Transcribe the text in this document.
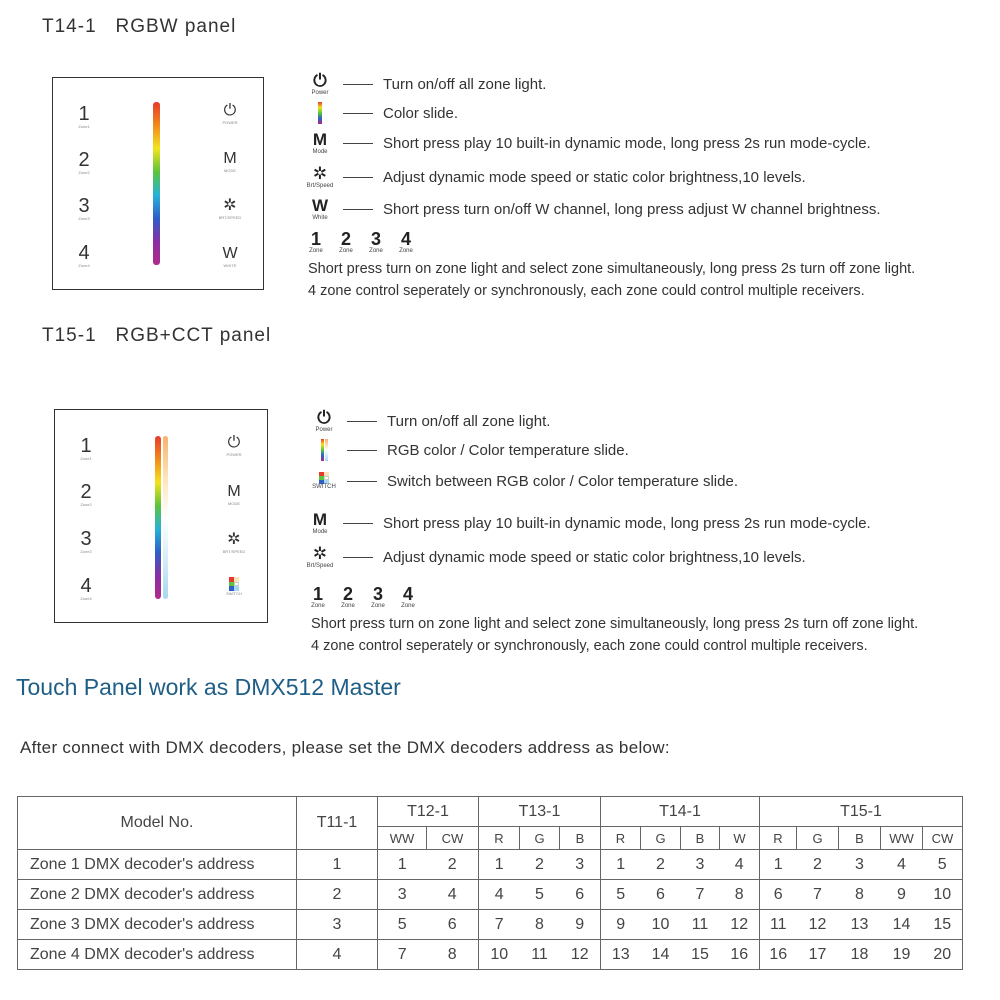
T14-1   RGBW panel
1
Zone1
2
Zone2
3
Zone3
4
Zone4
⏻
POWER
M
MODE
✲
BRT/SPEED
W
WHITE
⏻
Power	Turn on/off all zone light.
Color slide.
M
Mode	Short press play 10 built-in dynamic mode, long press 2s run mode-cycle.
✲
Brt/Speed	Adjust dynamic mode speed or static color brightness,10 levels.
W
White	Short press turn on/off W channel, long press adjust W channel brightness.
1
Zone
2
Zone
3
Zone
4
Zone
Short press turn on zone light and select zone simultaneously, long press 2s turn off zone light.
4 zone control seperately or synchronously, each zone could control multiple receivers.
T15-1   RGB+CCT panel
1
Zone1
2
Zone2
3
Zone3
4
Zone4
⏻
POWER
M
MODE
✲
BRT/SPEED
SWITCH
⏻
Power	Turn on/off all zone light.
RGB color / Color temperature slide.
SWITCH	Switch between RGB color / Color temperature slide.
M
Mode	Short press play 10 built-in dynamic mode, long press 2s run mode-cycle.
✲
Brt/Speed	Adjust dynamic mode speed or static color brightness,10 levels.
1
Zone
2
Zone
3
Zone
4
Zone
Short press turn on zone light and select zone simultaneously, long press 2s turn off zone light.
4 zone control seperately or synchronously, each zone could control multiple receivers.
Touch Panel work as DMX512 Master
After connect with DMX decoders, please set the DMX decoders address as below:
Model No.	T11-1	T12-1		T13-1			T14-1				T15-1				
		WW	CW	R	G	B	R	G	B	W	R	G	B	WW	CW
Zone 1 DMX decoder's address	1	1	2	1	2	3	1	2	3	4	1	2	3	4	5
Zone 2 DMX decoder's address	2	3	4	4	5	6	5	6	7	8	6	7	8	9	10
Zone 3 DMX decoder's address	3	5	6	7	8	9	9	10	11	12	11	12	13	14	15
Zone 4 DMX decoder's address	4	7	8	10	11	12	13	14	15	16	16	17	18	19	20
